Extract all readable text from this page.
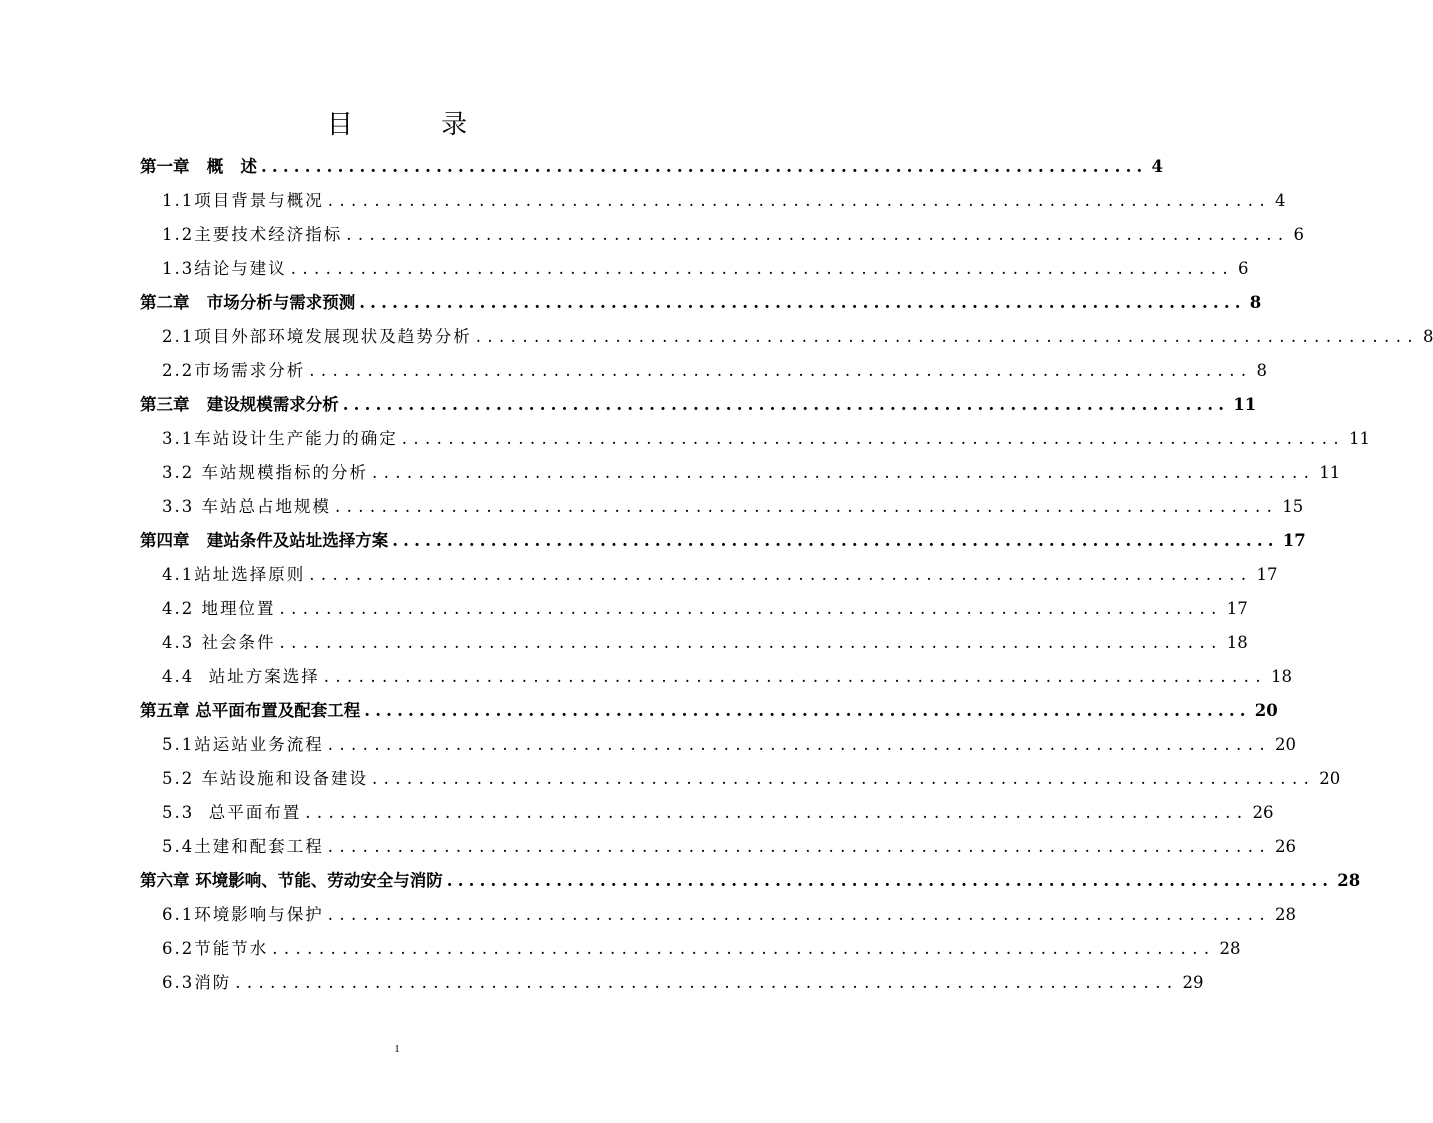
目 录
第一章   概   述 ................................................................................. 4
1.1项目背景与概况 ................................................................................. 4
1.2主要技术经济指标 ................................................................................. 6
1.3结论与建议 ................................................................................. 6
第二章   市场分析与需求预测 ................................................................................. 8
2.1项目外部环境发展现状及趋势分析 ................................................................................. 8
2.2市场需求分析 ................................................................................. 8
第三章   建设规模需求分析 ................................................................................. 11
3.1车站设计生产能力的确定 ................................................................................. 11
3.2 车站规模指标的分析 ................................................................................. 11
3.3 车站总占地规模 ................................................................................. 15
第四章   建站条件及站址选择方案 ................................................................................. 17
4.1站址选择原则 ................................................................................. 17
4.2 地理位置 ................................................................................. 17
4.3 社会条件 ................................................................................. 18
4.4  站址方案选择 ................................................................................. 18
第五章 总平面布置及配套工程 ................................................................................. 20
5.1站运站业务流程 ................................................................................. 20
5.2 车站设施和设备建设 ................................................................................. 20
5.3  总平面布置 ................................................................................. 26
5.4土建和配套工程 ................................................................................. 26
第六章 环境影响、节能、劳动安全与消防 ................................................................................. 28
6.1环境影响与保护 ................................................................................. 28
6.2节能节水 ................................................................................. 28
6.3消防 ................................................................................. 29
1
